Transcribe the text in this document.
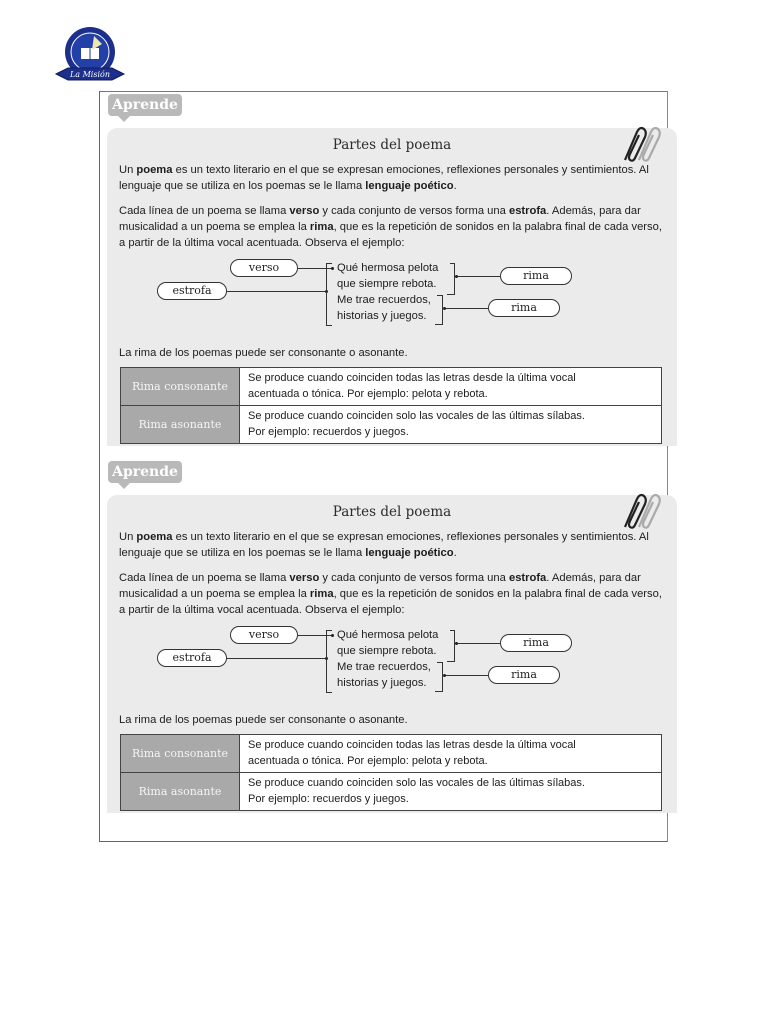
La Misión
Aprende
Partes del poema
Un poema es un texto literario en el que se expresan emociones, reflexiones personales y sentimientos. Al lenguaje que se utiliza en los poemas se le llama lenguaje poético.
Cada línea de un poema se llama verso y cada conjunto de versos forma una estrofa. Además, para dar musicalidad a un poema se emplea la rima, que es la repetición de sonidos en la palabra final de cada verso, a partir de la última vocal acentuada. Observa el ejemplo:
verso
estrofa
rima
rima
Qué hermosa pelota
que siempre rebota.
Me trae recuerdos,
historias y juegos.
La rima de los poemas puede ser consonante o asonante.
Rima consonante	Se produce cuando coinciden todas las letras desde la última vocal
acentuada o tónica. Por ejemplo: pelota y rebota.

Rima asonante	Se produce cuando coinciden solo las vocales de las últimas sílabas.
Por ejemplo: recuerdos y juegos.
Aprende
Partes del poema
Un poema es un texto literario en el que se expresan emociones, reflexiones personales y sentimientos. Al lenguaje que se utiliza en los poemas se le llama lenguaje poético.
Cada línea de un poema se llama verso y cada conjunto de versos forma una estrofa. Además, para dar musicalidad a un poema se emplea la rima, que es la repetición de sonidos en la palabra final de cada verso, a partir de la última vocal acentuada. Observa el ejemplo:
verso
estrofa
rima
rima
Qué hermosa pelota
que siempre rebota.
Me trae recuerdos,
historias y juegos.
La rima de los poemas puede ser consonante o asonante.
Rima consonante	Se produce cuando coinciden todas las letras desde la última vocal
acentuada o tónica. Por ejemplo: pelota y rebota.

Rima asonante	Se produce cuando coinciden solo las vocales de las últimas sílabas.
Por ejemplo: recuerdos y juegos.
